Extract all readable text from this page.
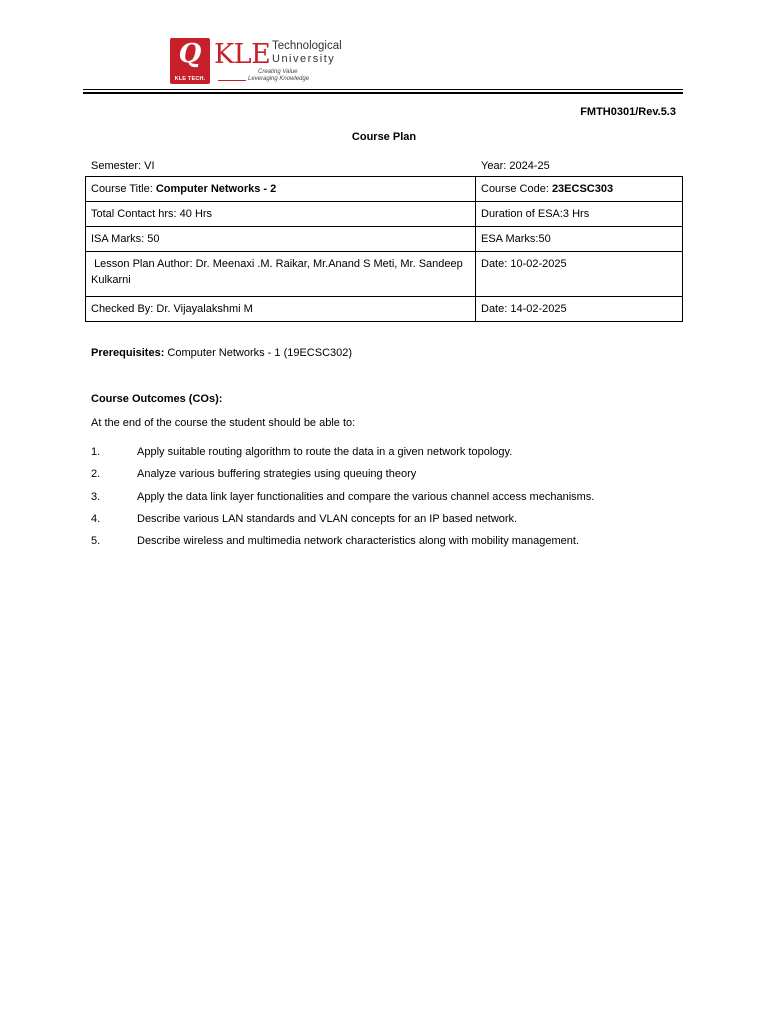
Q
KLE TECH.
KLE Technological
University
Creating Value
Leveraging Knowledge
FMTH0301/Rev.5.3
Course Plan
Semester: VI	Year: 2024-25
Course Title: Computer Networks - 2	Course Code: 23ECSC303
Total Contact hrs: 40 Hrs	Duration of ESA:3 Hrs
ISA Marks: 50	ESA Marks:50
Lesson Plan Author: Dr. Meenaxi .M. Raikar, Mr.Anand S Meti, Mr. Sandeep Kulkarni	Date: 10-02-2025
Checked By: Dr. Vijayalakshmi M	Date: 14-02-2025
Prerequisites: Computer Networks - 1 (19ECSC302)
Course Outcomes (COs):
At the end of the course the student should be able to:
1.	Apply suitable routing algorithm to route the data in a given network topology.
2.	Analyze various buffering strategies using queuing theory
3.	Apply the data link layer functionalities and compare the various channel access mechanisms.
4.	Describe various LAN standards and VLAN concepts for an IP based network.
5.	Describe wireless and multimedia network characteristics along with mobility management.
